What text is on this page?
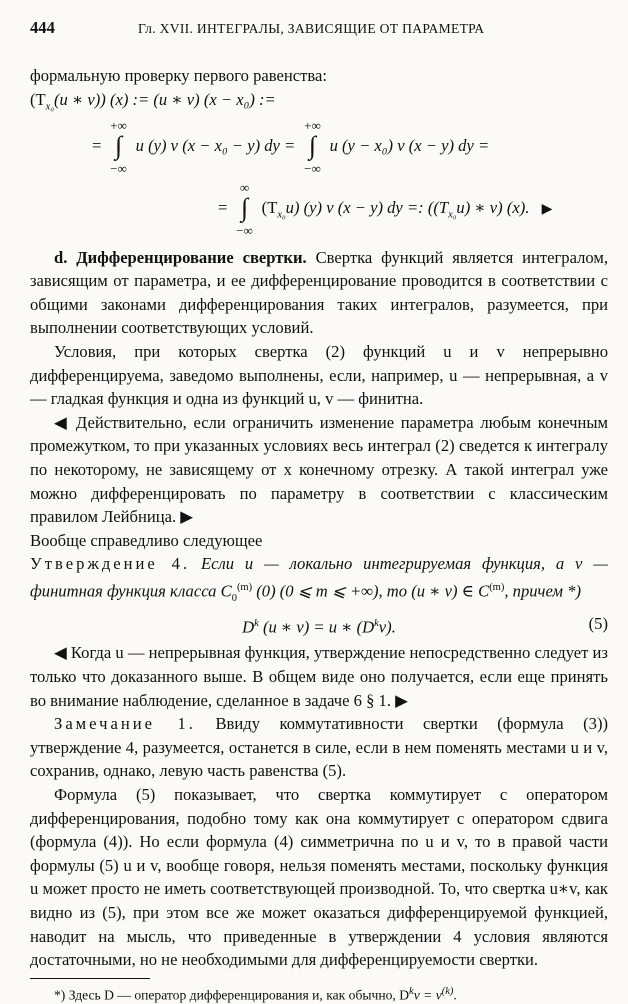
444	Гл. XVII. ИНТЕГРАЛЫ, ЗАВИСЯЩИЕ ОТ ПАРАМЕТРА

формальную проверку первого равенства:

($T_{x_0}(u$ ∗ v)) (x) := (u ∗ v) (x − x₀) :=
=
+∞
∫
−∞
u (y) v (x − x₀ − y) dy =
+∞
∫
−∞
u (y − x₀) v (x − y) dy =
=
∞
∫
−∞
$(T_{x_0}u)$ (y) v (x − y) dy =: ($(T_{x_0}u)$ ∗ v) (x). ▶

d. Дифференцирование свертки. Свертка функций является интегралом, зависящим от параметра, и ее дифференцирование проводится в соответствии с общими законами дифференцирования таких интегралов, разумеется, при выполнении соответствующих условий.

Условия, при которых свертка (2) функций u и v непрерывно дифференцируема, заведомо выполнены, если, например, u — непрерывная, а v — гладкая функция и одна из функций u, v — финитна.

◀ Действительно, если ограничить изменение параметра любым конечным промежутком, то при указанных условиях весь интеграл (2) сведется к интегралу по некоторому, не зависящему от x конечному отрезку. А такой интеграл уже можно дифференцировать по параметру в соответствии с классическим правилом Лейбница. ▶

Вообще справедливо следующее

Утверждение 4. Если u — локально интегрируемая функция, а v — финитная функция класса $C_0^{(m)}$ (0) (0 ⩽ m ⩽ +∞), то (u ∗ v) ∈ $C^{(m)}$, причем *)

$D^k$ (u ∗ v) = u ∗ $(D^kv)$.	(5)

◀ Когда u — непрерывная функция, утверждение непосредственно следует из только что доказанного выше. В общем виде оно получается, если еще принять во внимание наблюдение, сделанное в задаче 6 § 1. ▶

Замечание 1. Ввиду коммутативности свертки (формула (3)) утверждение 4, разумеется, останется в силе, если в нем поменять местами u и v, сохранив, однако, левую часть равенства (5).

Формула (5) показывает, что свертка коммутирует с оператором дифференцирования, подобно тому как она коммутирует с оператором сдвига (формула (4)). Но если формула (4) симметрична по u и v, то в правой части формулы (5) u и v, вообще говоря, нельзя поменять местами, поскольку функция u может просто не иметь соответствующей производной. То, что свертка u∗v, как видно из (5), при этом все же может оказаться дифференцируемой функцией, наводит на мысль, что приведенные в утверждении 4 условия являются достаточными, но не необходимыми для дифференцируемости свертки.

*) Здесь D — оператор дифференцирования и, как обычно, $D^kv = v^{(k)}$.
